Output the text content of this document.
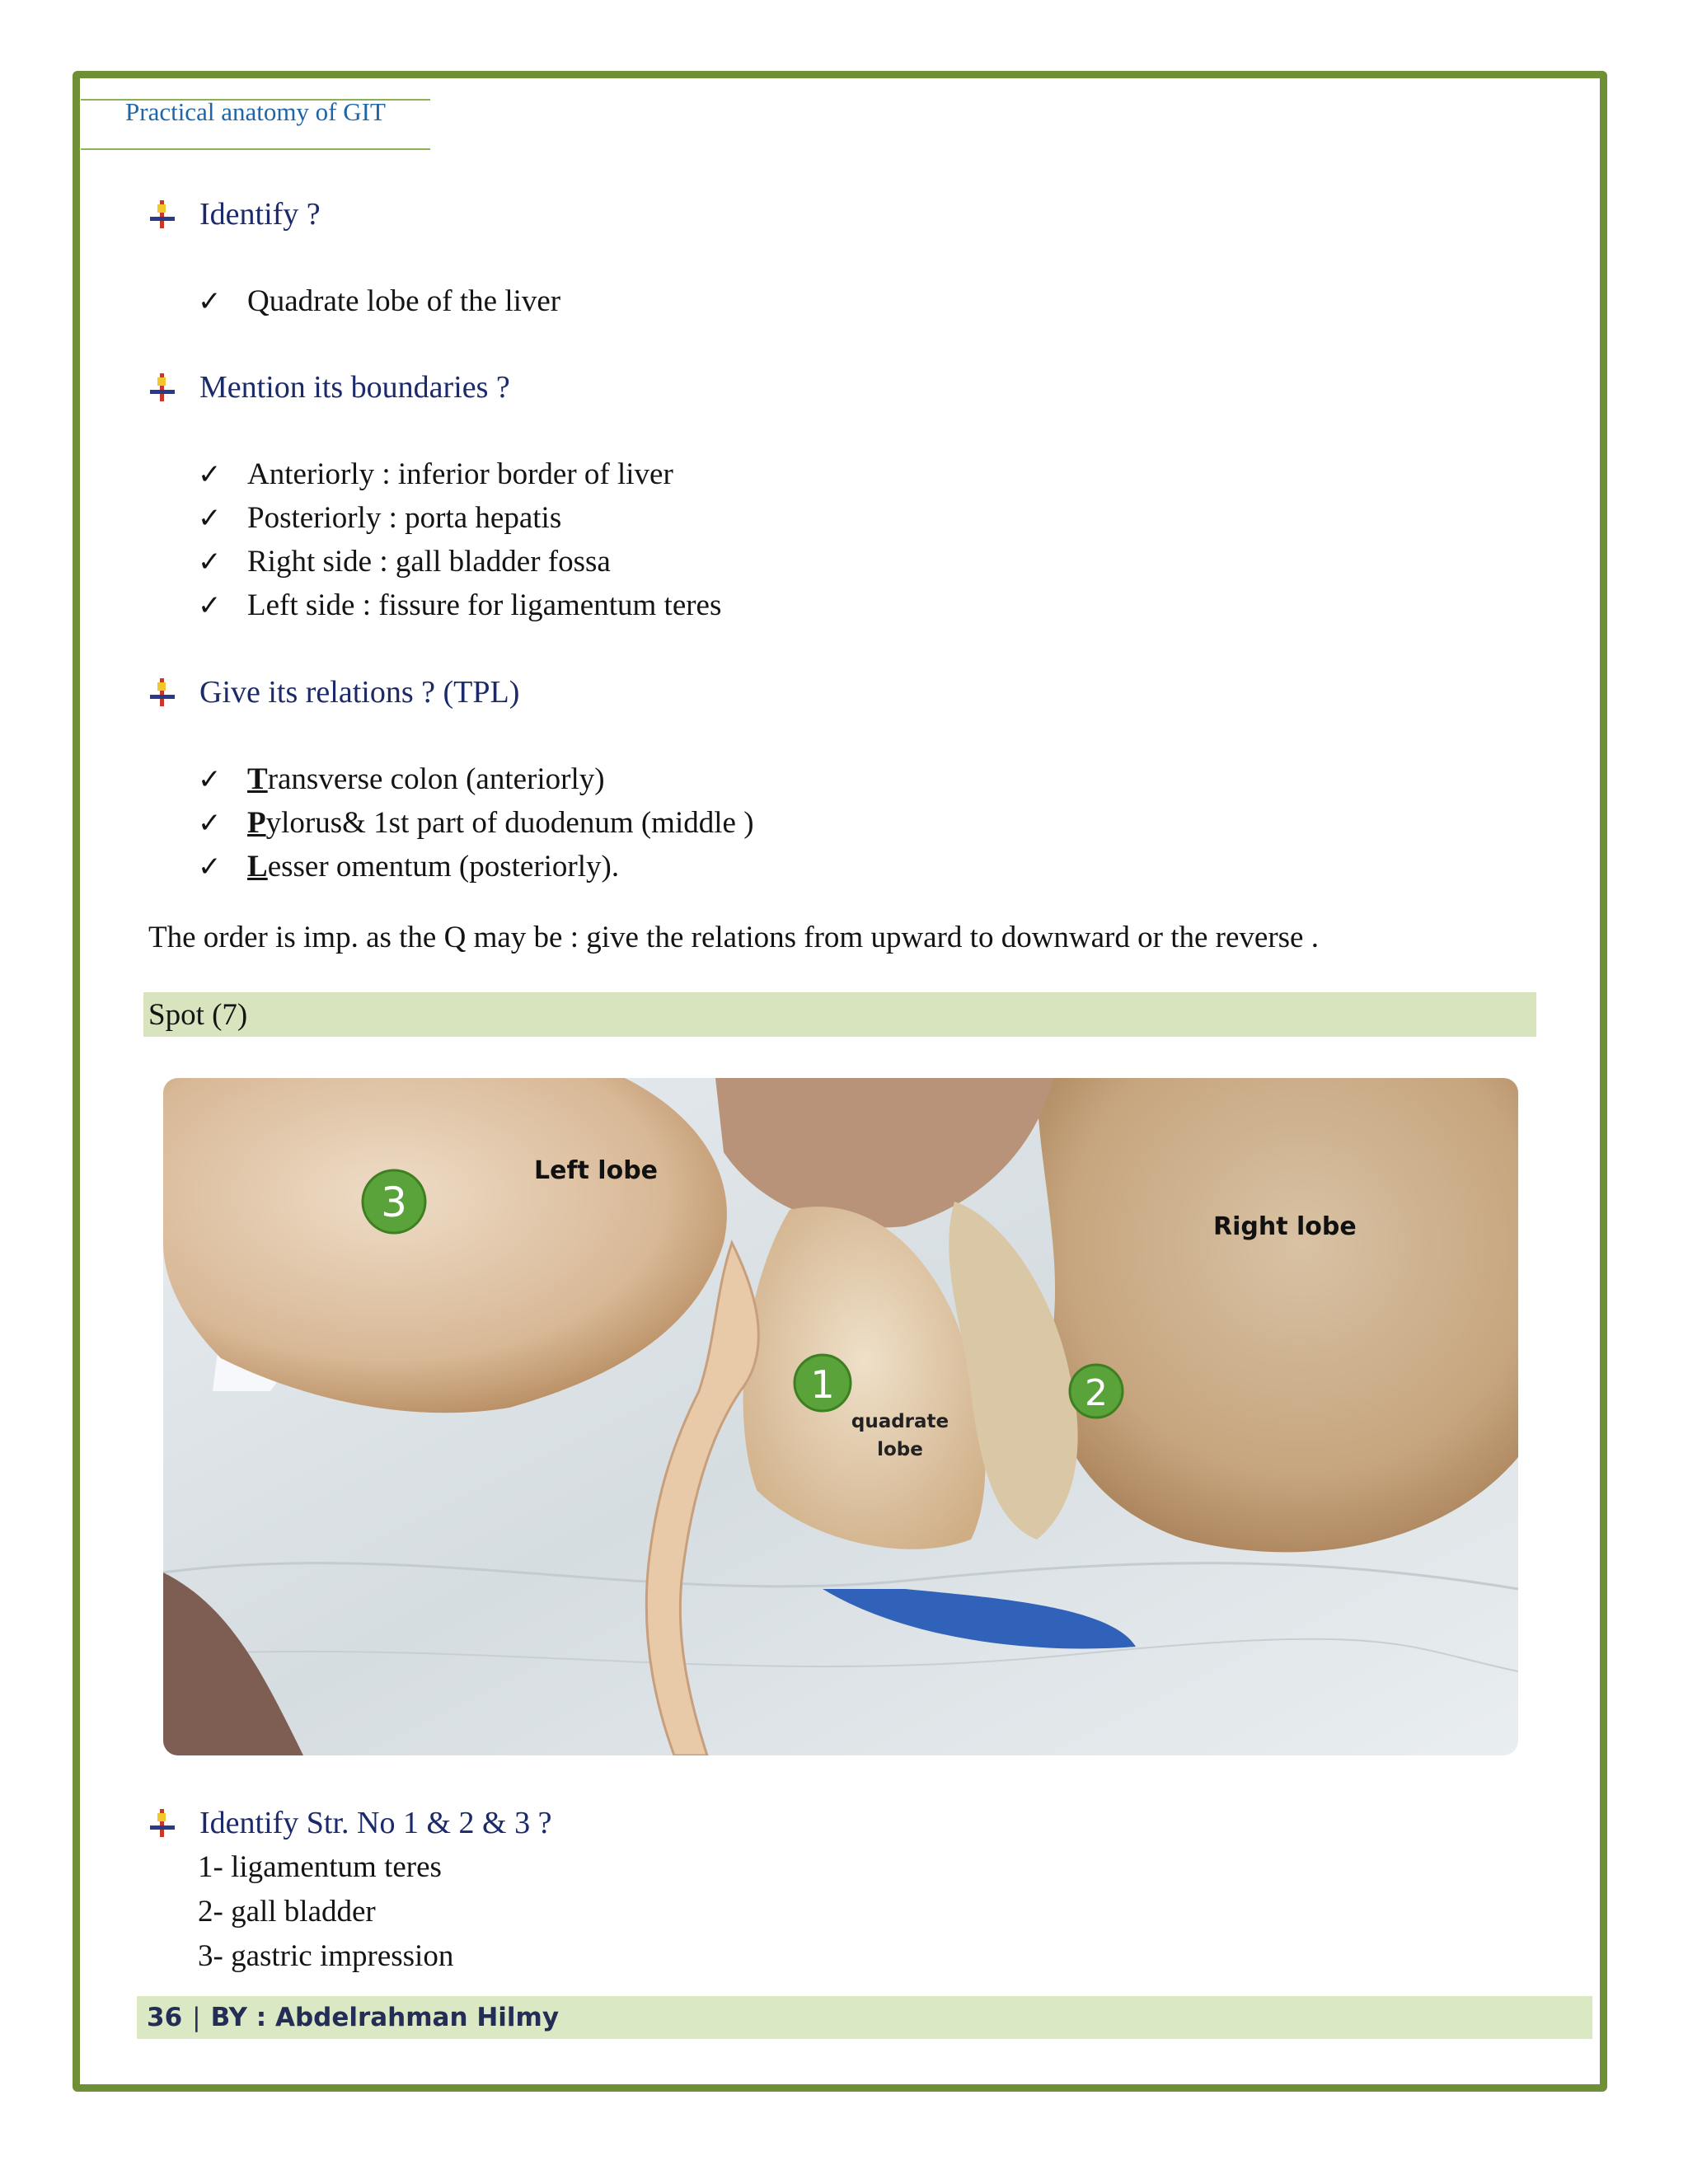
Practical anatomy of GIT
Identify ?
✓ Quadrate lobe of the liver
Mention its boundaries ?
✓ Anteriorly : inferior border of liver
✓ Posteriorly : porta hepatis
✓ Right side : gall bladder fossa
✓ Left side : fissure for ligamentum teres
Give its relations ? (TPL)
✓ T ransverse colon (anteriorly)
✓ P ylorus& 1st part of duodenum (middle )
✓ L esser omentum (posteriorly).
The order is imp. as the Q may be : give the relations from upward to downward or the reverse .
Spot (7)
Left lobe
Right lobe
quadrate
lobe
3
1	2
Identify Str. No 1 & 2 & 3 ?
1- ligamentum teres
2- gall bladder
3- gastric impression
36 | BY : Abdelrahman Hilmy
